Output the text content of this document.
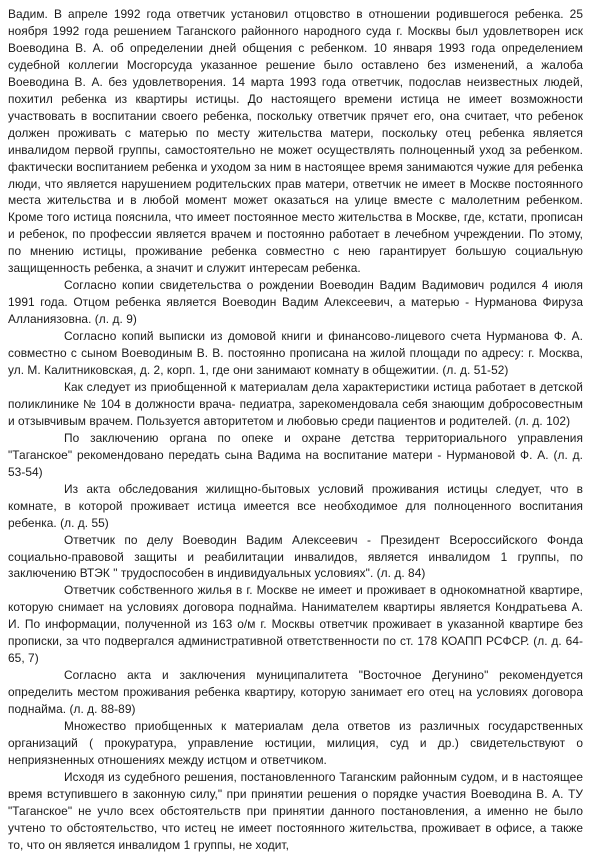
Вадим. В апреле 1992 года ответчик установил отцовство в отношении родившегося ребенка. 25 ноября 1992 года решением Таганского районного народного суда г. Москвы был удовлетворен иск Воеводина В. А. об определении дней общения с ребенком. 10 января 1993 года определением судебной коллегии Мосгорсуда указанное решение было оставлено без изменений, а жалоба Воеводина В. А. без удовлетворения. 14 марта 1993 года ответчик, подослав неизвестных людей, похитил ребенка из квартиры истицы. До настоящего времени истица не имеет возможности участвовать в воспитании своего ребенка, поскольку ответчик прячет его, она считает, что ребенок должен проживать с матерью по месту жительства матери, поскольку отец ребенка является инвалидом первой группы, самостоятельно не может осуществлять полноценный уход за ребенком. фактически воспитанием ребенка и уходом за ним в настоящее время занимаются чужие для ребенка люди, что является нарушением родительских прав матери, ответчик не имеет в Москве постоянного места жительства и в любой момент может оказаться на улице вместе с малолетним ребенком. Кроме того истица пояснила, что имеет постоянное место жительства в Москве, где, кстати, прописан и ребенок, по профессии является врачем и постоянно работает в лечебном учреждении. По этому, по мнению истицы, проживание ребенка совместно с нею гарантирует большую социальную защищенность ребенка, а значит и служит интересам ребенка.

Согласно копии свидетельства о рождении Воеводин Вадим Вадимович родился 4 июля 1991 года. Отцом ребенка является Воеводин Вадим Алексеевич, а матерью - Нурманова Фируза Алланиязовна. (л. д. 9)

Согласно копий выписки из домовой книги и финансово-лицевого счета Нурманова Ф. А. совместно с сыном Воеводиным В. В. постоянно прописана на жилой площади по адресу: г. Москва, ул. М. Калитниковская, д. 2, корп. 1, где они занимают комнату в общежитии. (л. д. 51-52)

Как следует из приобщенной к материалам дела характеристики истица работает в детской поликлинике № 104 в должности врача- педиатра, зарекомендовала себя знающим добросовестным и отзывчивым врачем. Пользуется авторитетом и любовью среди пациентов и родителей. (л. д. 102)

По заключению органа по опеке и охране детства территориального управления "Таганское" рекомендовано передать сына Вадима на воспитание матери - Нурмановой Ф. А. (л. д. 53-54)

Из акта обследования жилищно-бытовых условий проживания истицы следует, что в комнате, в которой проживает истица имеется все необходимое для полноценного воспитания ребенка. (л. д. 55)

Ответчик по делу Воеводин Вадим Алексеевич - Президент Всероссийского Фонда социально-правовой защиты и реабилитации инвалидов, является инвалидом 1 группы, по заключению ВТЭК " трудоспособен в индивидуальных условиях". (л. д. 84)

Ответчик собственного жилья в г. Москве не имеет и проживает в однокомнатной квартире, которую снимает на условиях договора поднайма. Нанимателем квартиры является Кондратьева А. И. По информации, полученной из 163 о/м г. Москвы ответчик проживает в указанной квартире без прописки, за что подвергался административной ответственности по ст. 178 КОАПП РСФСР. (л. д. 64-65, 7)

Согласно акта и заключения муниципалитета "Восточное Дегунино" рекомендуется определить местом проживания ребенка квартиру, которую занимает его отец на условиях договора поднайма. (л. д. 88-89)

Множество приобщенных к материалам дела ответов из различных государственных организаций ( прокуратура, управление юстиции, милиция, суд и др.) свидетельствуют о неприязненных отношениях между истцом и ответчиком.

Исходя из судебного решения, постановленного Таганским районным судом, и в настоящее время вступившего в законную силу," при принятии решения о порядке участия Воеводина В. А. ТУ "Таганское" не учло всех обстоятельств при принятии данного постановления, а именно не было учтено то обстоятельство, что истец не имеет постоянного жительства, проживает в офисе, а также то, что он является инвалидом 1 группы, не ходит,
